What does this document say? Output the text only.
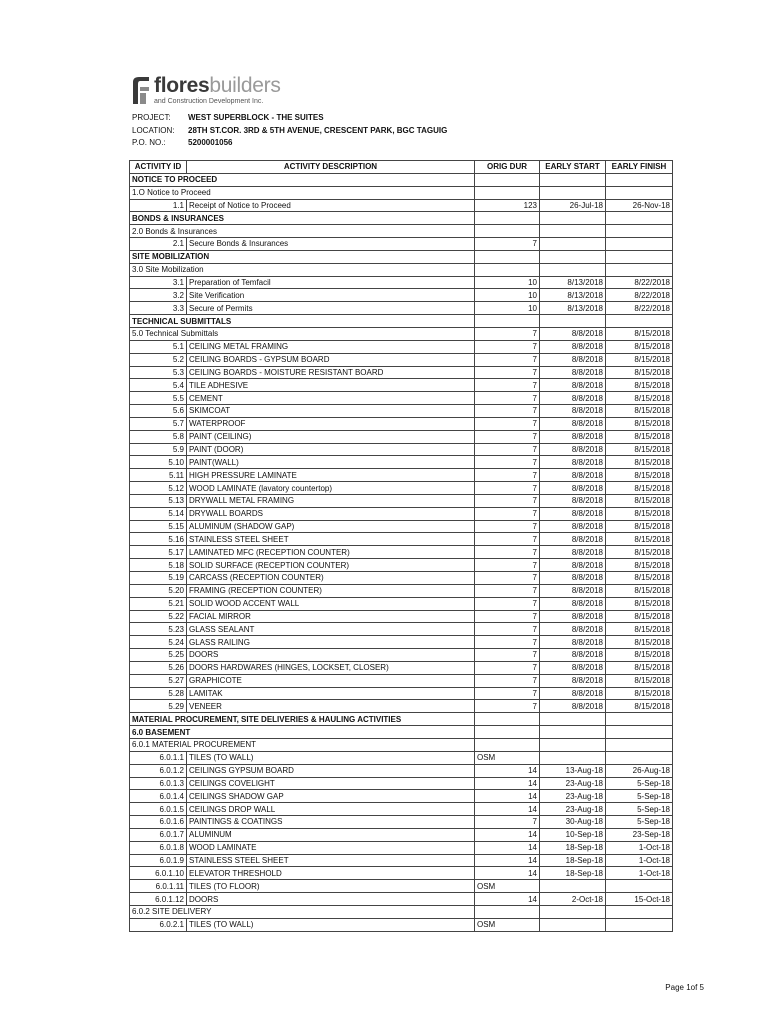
floresbuilders
and Construction Development Inc.
PROJECT:	WEST SUPERBLOCK - THE SUITES
LOCATION:	28TH ST.COR. 3RD & 5TH AVENUE, CRESCENT PARK, BGC TAGUIG
P.O. NO.:	5200001056
ACTIVITY ID	ACTIVITY DESCRIPTION	ORIG DUR	EARLY START	EARLY FINISH
NOTICE TO PROCEED				
1.O Notice to Proceed				
1.1	Receipt of Notice to Proceed	123	26-Jul-18	26-Nov-18
BONDS & INSURANCES				
2.0 Bonds & Insurances				
2.1	Secure Bonds & Insurances	7		
SITE MOBILIZATION				
3.0 Site Mobilization				
3.1	Preparation of Temfacil	10	8/13/2018	8/22/2018
3.2	Site Verification	10	8/13/2018	8/22/2018
3.3	Secure of Permits	10	8/13/2018	8/22/2018
TECHNICAL SUBMITTALS				
5.0 Technical Submittals		7	8/8/2018	8/15/2018
5.1	CEILING METAL FRAMING	7	8/8/2018	8/15/2018
5.2	CEILING BOARDS - GYPSUM BOARD	7	8/8/2018	8/15/2018
5.3	CEILING BOARDS - MOISTURE RESISTANT BOARD	7	8/8/2018	8/15/2018
5.4	TILE ADHESIVE	7	8/8/2018	8/15/2018
5.5	CEMENT	7	8/8/2018	8/15/2018
5.6	SKIMCOAT	7	8/8/2018	8/15/2018
5.7	WATERPROOF	7	8/8/2018	8/15/2018
5.8	PAINT (CEILING)	7	8/8/2018	8/15/2018
5.9	PAINT (DOOR)	7	8/8/2018	8/15/2018
5.10	PAINT(WALL)	7	8/8/2018	8/15/2018
5.11	HIGH PRESSURE LAMINATE	7	8/8/2018	8/15/2018
5.12	WOOD LAMINATE (lavatory countertop)	7	8/8/2018	8/15/2018
5.13	DRYWALL METAL FRAMING	7	8/8/2018	8/15/2018
5.14	DRYWALL BOARDS	7	8/8/2018	8/15/2018
5.15	ALUMINUM (SHADOW GAP)	7	8/8/2018	8/15/2018
5.16	STAINLESS STEEL SHEET	7	8/8/2018	8/15/2018
5.17	LAMINATED MFC (RECEPTION COUNTER)	7	8/8/2018	8/15/2018
5.18	SOLID SURFACE (RECEPTION COUNTER)	7	8/8/2018	8/15/2018
5.19	CARCASS (RECEPTION COUNTER)	7	8/8/2018	8/15/2018
5.20	FRAMING (RECEPTION COUNTER)	7	8/8/2018	8/15/2018
5.21	SOLID WOOD ACCENT WALL	7	8/8/2018	8/15/2018
5.22	FACIAL MIRROR	7	8/8/2018	8/15/2018
5.23	GLASS SEALANT	7	8/8/2018	8/15/2018
5.24	GLASS RAILING	7	8/8/2018	8/15/2018
5.25	DOORS	7	8/8/2018	8/15/2018
5.26	DOORS HARDWARES (HINGES, LOCKSET, CLOSER)	7	8/8/2018	8/15/2018
5.27	GRAPHICOTE	7	8/8/2018	8/15/2018
5.28	LAMITAK	7	8/8/2018	8/15/2018
5.29	VENEER	7	8/8/2018	8/15/2018
MATERIAL PROCUREMENT, SITE DELIVERIES & HAULING ACTIVITIES				
6.0 BASEMENT				
6.0.1 MATERIAL PROCUREMENT				
6.0.1.1	TILES (TO WALL)	OSM		
6.0.1.2	CEILINGS GYPSUM BOARD	14	13-Aug-18	26-Aug-18
6.0.1.3	CEILINGS COVELIGHT	14	23-Aug-18	5-Sep-18
6.0.1.4	CEILINGS SHADOW GAP	14	23-Aug-18	5-Sep-18
6.0.1.5	CEILINGS DROP WALL	14	23-Aug-18	5-Sep-18
6.0.1.6	PAINTINGS & COATINGS	7	30-Aug-18	5-Sep-18
6.0.1.7	ALUMINUM	14	10-Sep-18	23-Sep-18
6.0.1.8	WOOD LAMINATE	14	18-Sep-18	1-Oct-18
6.0.1.9	STAINLESS STEEL SHEET	14	18-Sep-18	1-Oct-18
6.0.1.10	ELEVATOR THRESHOLD	14	18-Sep-18	1-Oct-18
6.0.1.11	TILES (TO FLOOR)	OSM		
6.0.1.12	DOORS	14	2-Oct-18	15-Oct-18
6.0.2 SITE DELIVERY				
6.0.2.1	TILES (TO WALL)	OSM		
Page 1of 5
